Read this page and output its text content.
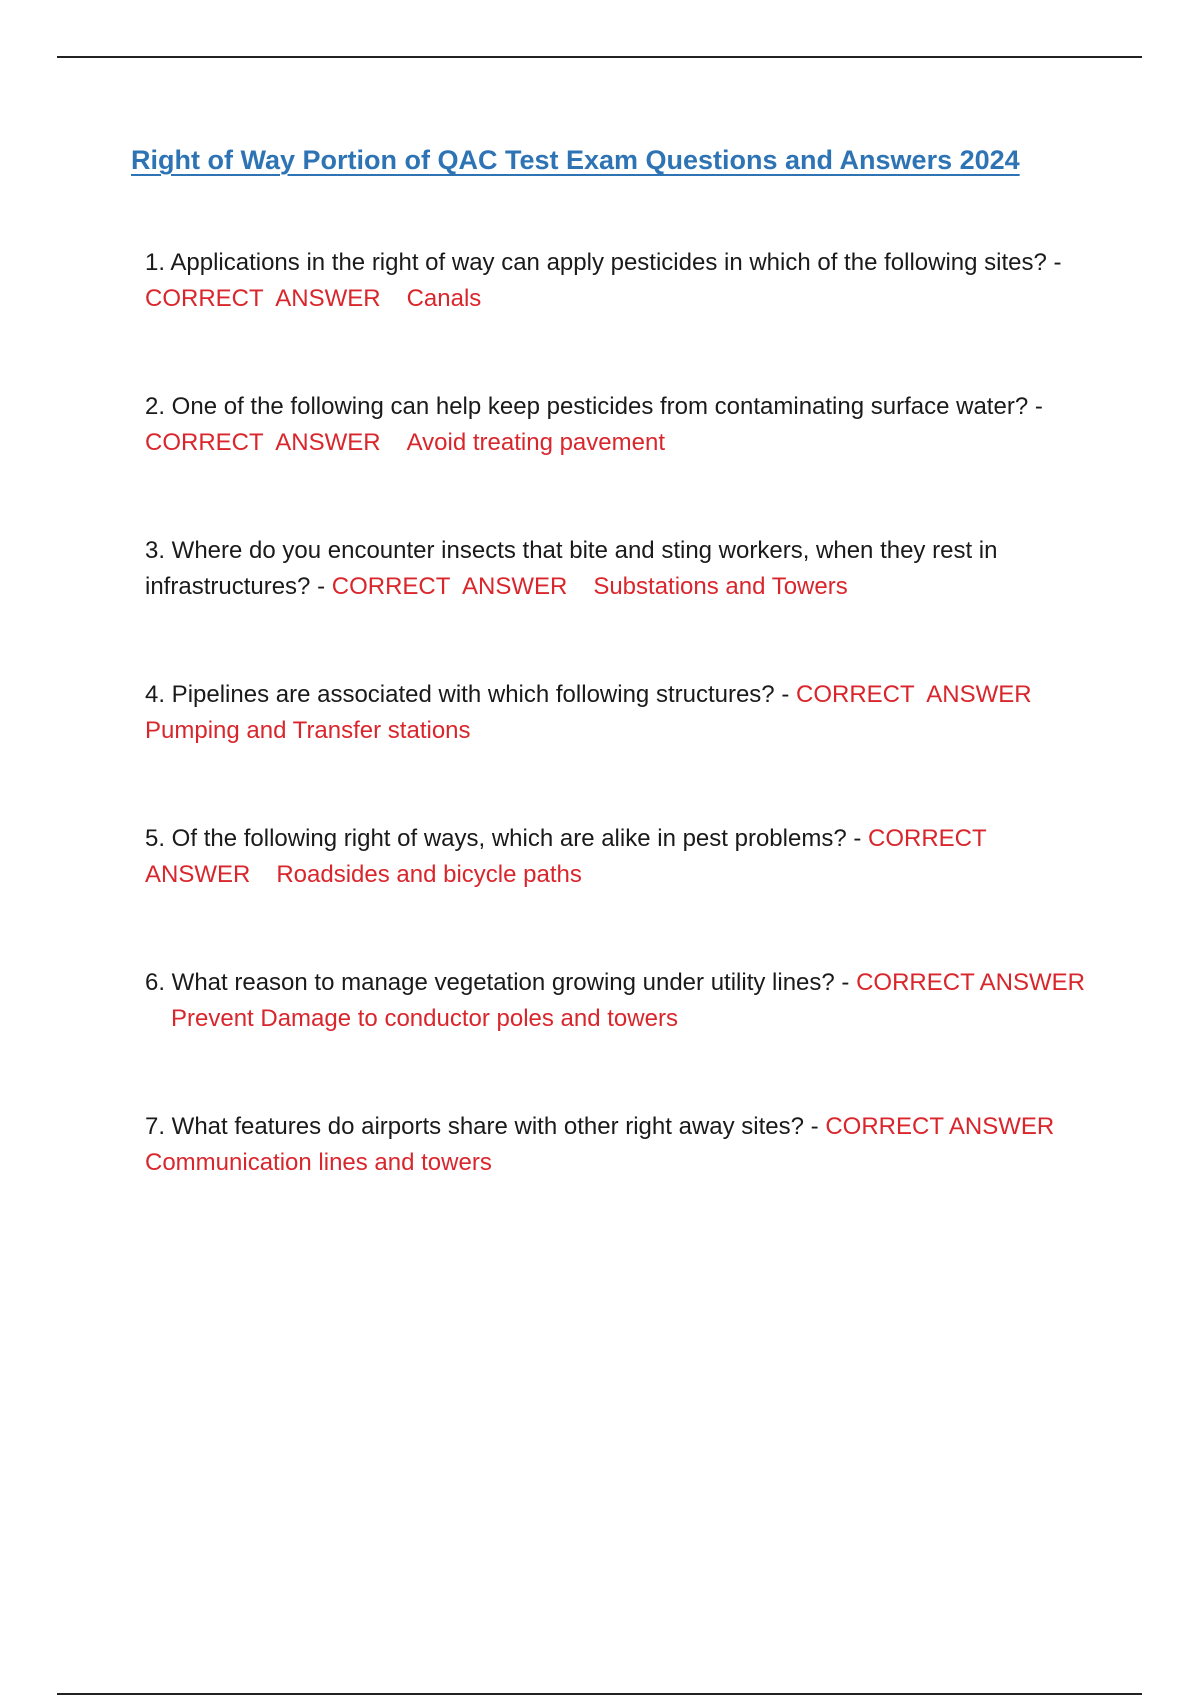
Right of Way Portion of QAC Test Exam Questions and Answers 2024
1. Applications in the right of way can apply pesticides in which of the following sites? - CORRECT  ANSWER Canals
2. One of the following can help keep pesticides from contaminating surface water? - CORRECT  ANSWER Avoid treating pavement
3. Where do you encounter insects that bite and sting workers, when they rest in infrastructures? - CORRECT  ANSWER Substations and Towers
4. Pipelines are associated with which following structures? - CORRECT  ANSWERPumping and Transfer stations
5. Of the following right of ways, which are alike in pest problems? - CORRECT ANSWER Roadsides and bicycle paths
6. What reason to manage vegetation growing under utility lines? - CORRECT ANSWERPrevent Damage to conductor poles and towers
7. What features do airports share with other right away sites? - CORRECT ANSWERCommunication lines and towers
